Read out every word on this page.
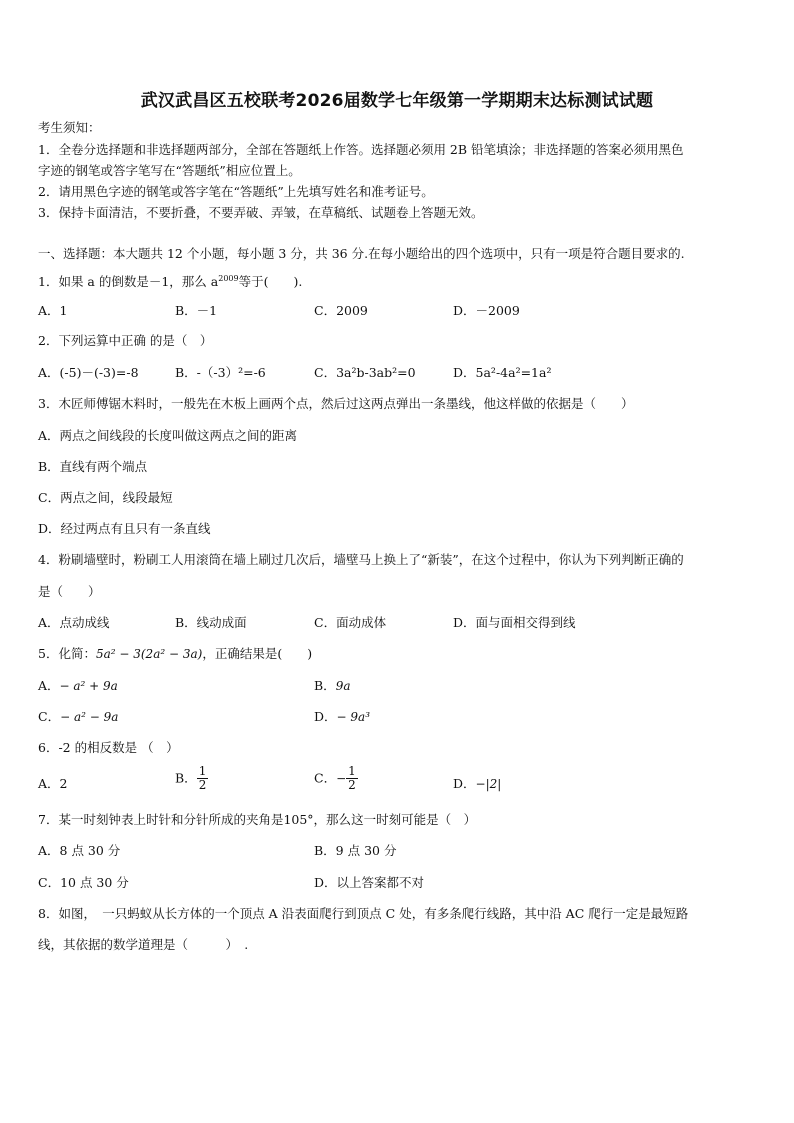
武汉武昌区五校联考2026届数学七年级第一学期期末达标测试试题
考生须知：
1．全卷分选择题和非选择题两部分，全部在答题纸上作答。选择题必须用 2B 铅笔填涂；非选择题的答案必须用黑色
字迹的钢笔或答字笔写在“答题纸”相应位置上。
2．请用黑色字迹的钢笔或答字笔在“答题纸”上先填写姓名和准考证号。
3．保持卡面清洁，不要折叠，不要弄破、弄皱，在草稿纸、试题卷上答题无效。
一、选择题：本大题共 12 个小题，每小题 3 分，共 36 分.在每小题给出的四个选项中，只有一项是符合题目要求的.
1．如果 a 的倒数是－1，那么 $a^{2009}$等于(　　).
A．1	B．－1	C．2009	D．－2009
2．下列运算中正确 的是（　）
A．(-5)－(-3)=-8	B．-（-3）²=-6	C．3a²b-3ab²=0	D．5a²-4a²=1a²
3．木匠师傅锯木料时，一般先在木板上画两个点，然后过这两点弹出一条墨线，他这样做的依据是（　　）
A．两点之间线段的长度叫做这两点之间的距离
B．直线有两个端点
C．两点之间，线段最短
D．经过两点有且只有一条直线
4．粉刷墙壁时，粉刷工人用滚筒在墙上刷过几次后，墙壁马上换上了“新装”，在这个过程中，你认为下列判断正确的
是（　　）
A．点动成线	B．线动成面	C．面动成体	D．面与面相交得到线
5．化简：5a² − 3(2a² − 3a)，正确结果是(　　)
A．− a² + 9a	B．9a
C．− a² − 9a	D．− 9a³
6．-2 的相反数是 （　）
A．2	B． $\frac{1}{2}$	C．− $\frac{1}{2}$	D．−|2|
7．某一时刻钟表上时针和分针所成的夹角是105°，那么这一时刻可能是（　）
A．8 点 30 分	B．9 点 30 分
C．10 点 30 分	D．以上答案都不对
8．如图，　一只蚂蚁从长方体的一个顶点 A 沿表面爬行到顶点 C 处，有多条爬行线路，其中沿 AC 爬行一定是最短路
线，其依据的数学道理是（　　　）　.
